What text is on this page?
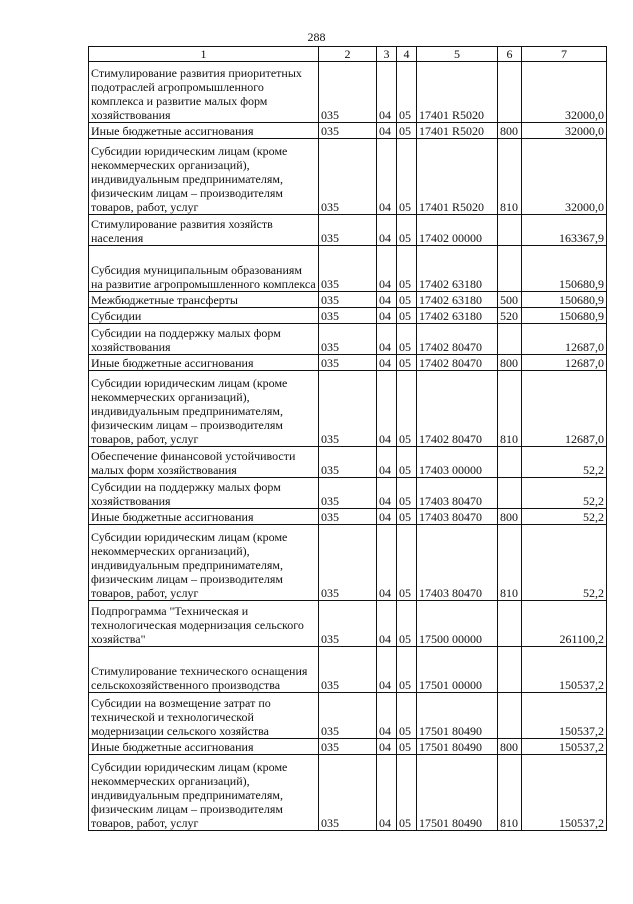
288
1	2	3	4	5	6	7
Стимулирование развития приоритетных подотраслей агропромышленного комплекса и развитие малых форм хозяйствования	035	04	05	17401 R5020		32000,0
Иные бюджетные ассигнования	035	04	05	17401 R5020	800	32000,0
Субсидии юридическим лицам (кроме некоммерческих организаций), индивидуальным предпринимателям, физическим лицам – производителям товаров, работ, услуг	035	04	05	17401 R5020	810	32000,0
Стимулирование развития хозяйств населения	035	04	05	17402 00000		163367,9
Субсидия муниципальным образованиям на развитие агропромышленного комплекса	035	04	05	17402 63180		150680,9
Межбюджетные трансферты	035	04	05	17402 63180	500	150680,9
Субсидии	035	04	05	17402 63180	520	150680,9
Субсидии на поддержку малых форм хозяйствования	035	04	05	17402 80470		12687,0
Иные бюджетные ассигнования	035	04	05	17402 80470	800	12687,0
Субсидии юридическим лицам (кроме некоммерческих организаций), индивидуальным предпринимателям, физическим лицам – производителям товаров, работ, услуг	035	04	05	17402 80470	810	12687,0
Обеспечение финансовой устойчивости малых форм хозяйствования	035	04	05	17403 00000		52,2
Субсидии на поддержку малых форм хозяйствования	035	04	05	17403 80470		52,2
Иные бюджетные ассигнования	035	04	05	17403 80470	800	52,2
Субсидии юридическим лицам (кроме некоммерческих организаций), индивидуальным предпринимателям, физическим лицам – производителям товаров, работ, услуг	035	04	05	17403 80470	810	52,2
Подпрограмма "Техническая и технологическая модернизация сельского хозяйства"	035	04	05	17500 00000		261100,2
Стимулирование технического оснащения сельскохозяйственного производства	035	04	05	17501 00000		150537,2
Субсидии на возмещение затрат по технической и технологической модернизации сельского хозяйства	035	04	05	17501 80490		150537,2
Иные бюджетные ассигнования	035	04	05	17501 80490	800	150537,2
Субсидии юридическим лицам (кроме некоммерческих организаций), индивидуальным предпринимателям, физическим лицам – производителям товаров, работ, услуг	035	04	05	17501 80490	810	150537,2
